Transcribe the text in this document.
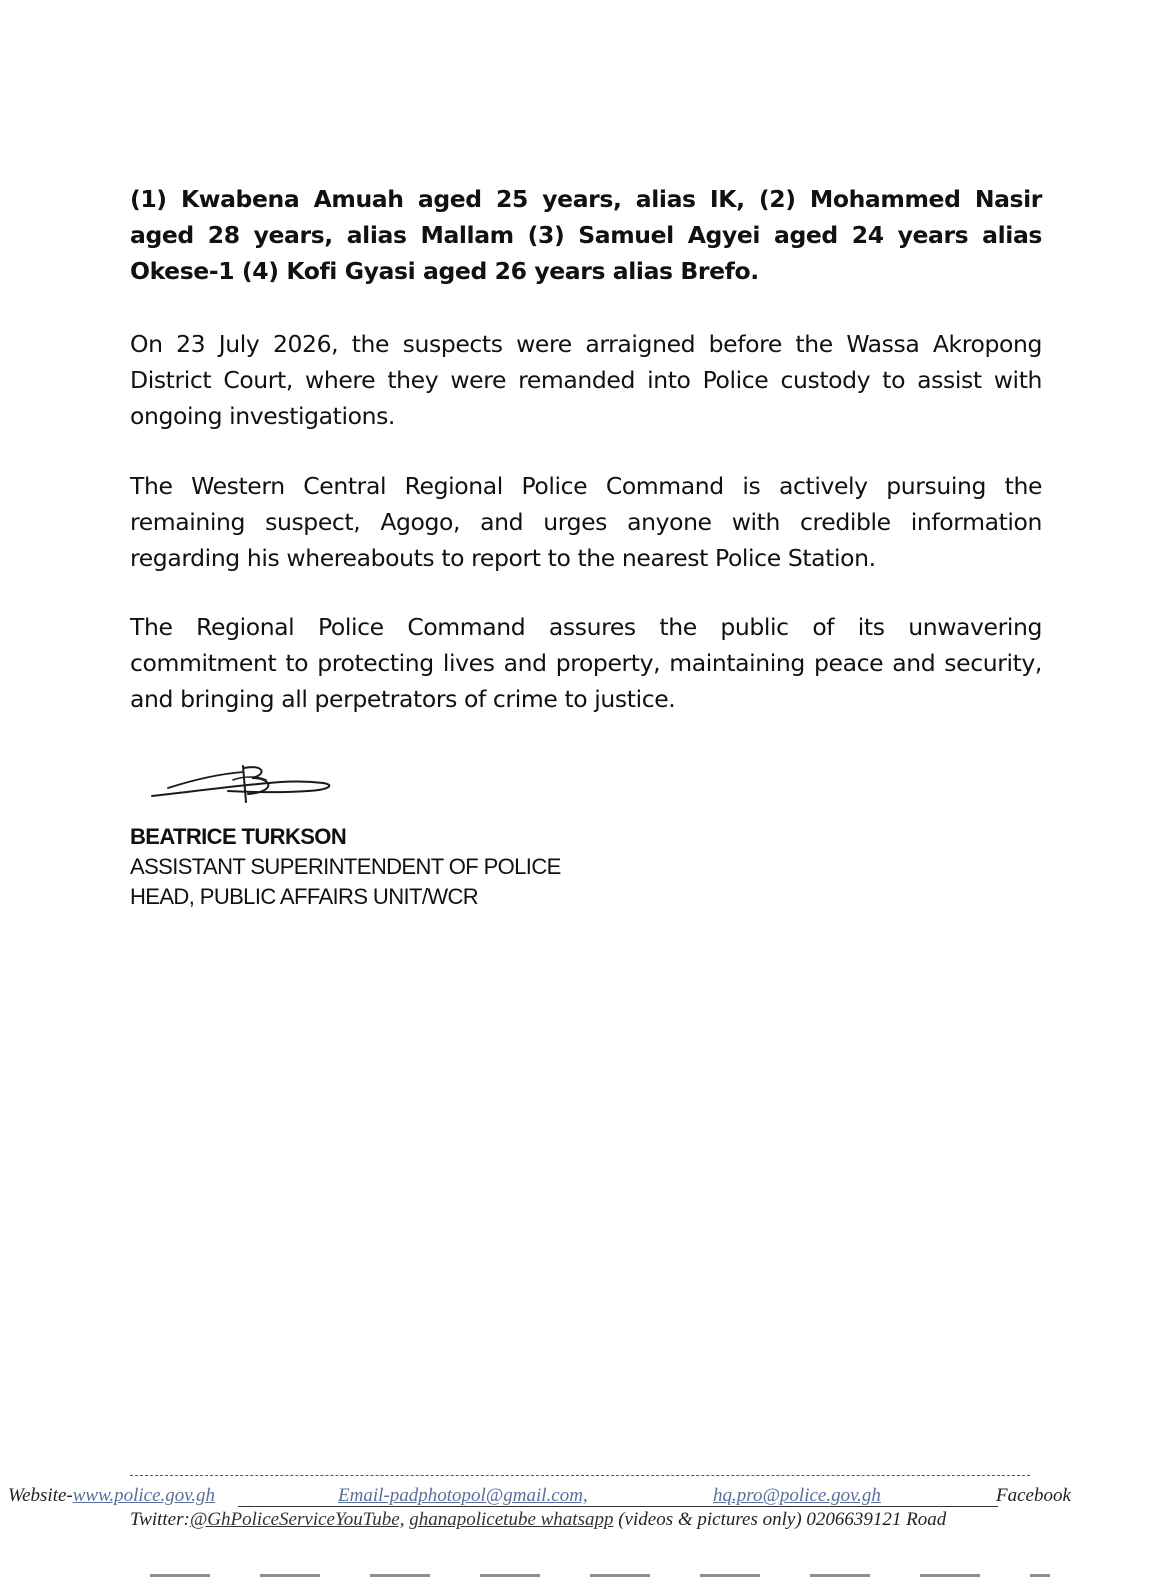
(1) Kwabena Amuah aged 25 years, alias IK, (2) Mohammed Nasir aged 28 years, alias Mallam (3) Samuel Agyei aged 24 years alias Okese-1 (4) Kofi Gyasi aged 26 years alias Brefo.

On 23 July 2026, the suspects were arraigned before the Wassa Akropong District Court, where they were remanded into Police custody to assist with ongoing investigations.

The Western Central Regional Police Command is actively pursuing the remaining suspect, Agogo, and urges anyone with credible information regarding his whereabouts to report to the nearest Police Station.

The Regional Police Command assures the public of its unwavering commitment to protecting lives and property, maintaining peace and security, and bringing all perpetrators of crime to justice.

BEATRICE TURKSON
ASSISTANT SUPERINTENDENT OF POLICE
HEAD, PUBLIC AFFAIRS UNIT/WCR
Website-www.police.gov.gh	Email-padphotopol@gmail.com,	hq.pro@police.gov.gh	Facebook
Twitter:@GhPoliceServiceYouTube, ghanapolicetube whatsapp (videos & pictures only) 0206639121 Road
